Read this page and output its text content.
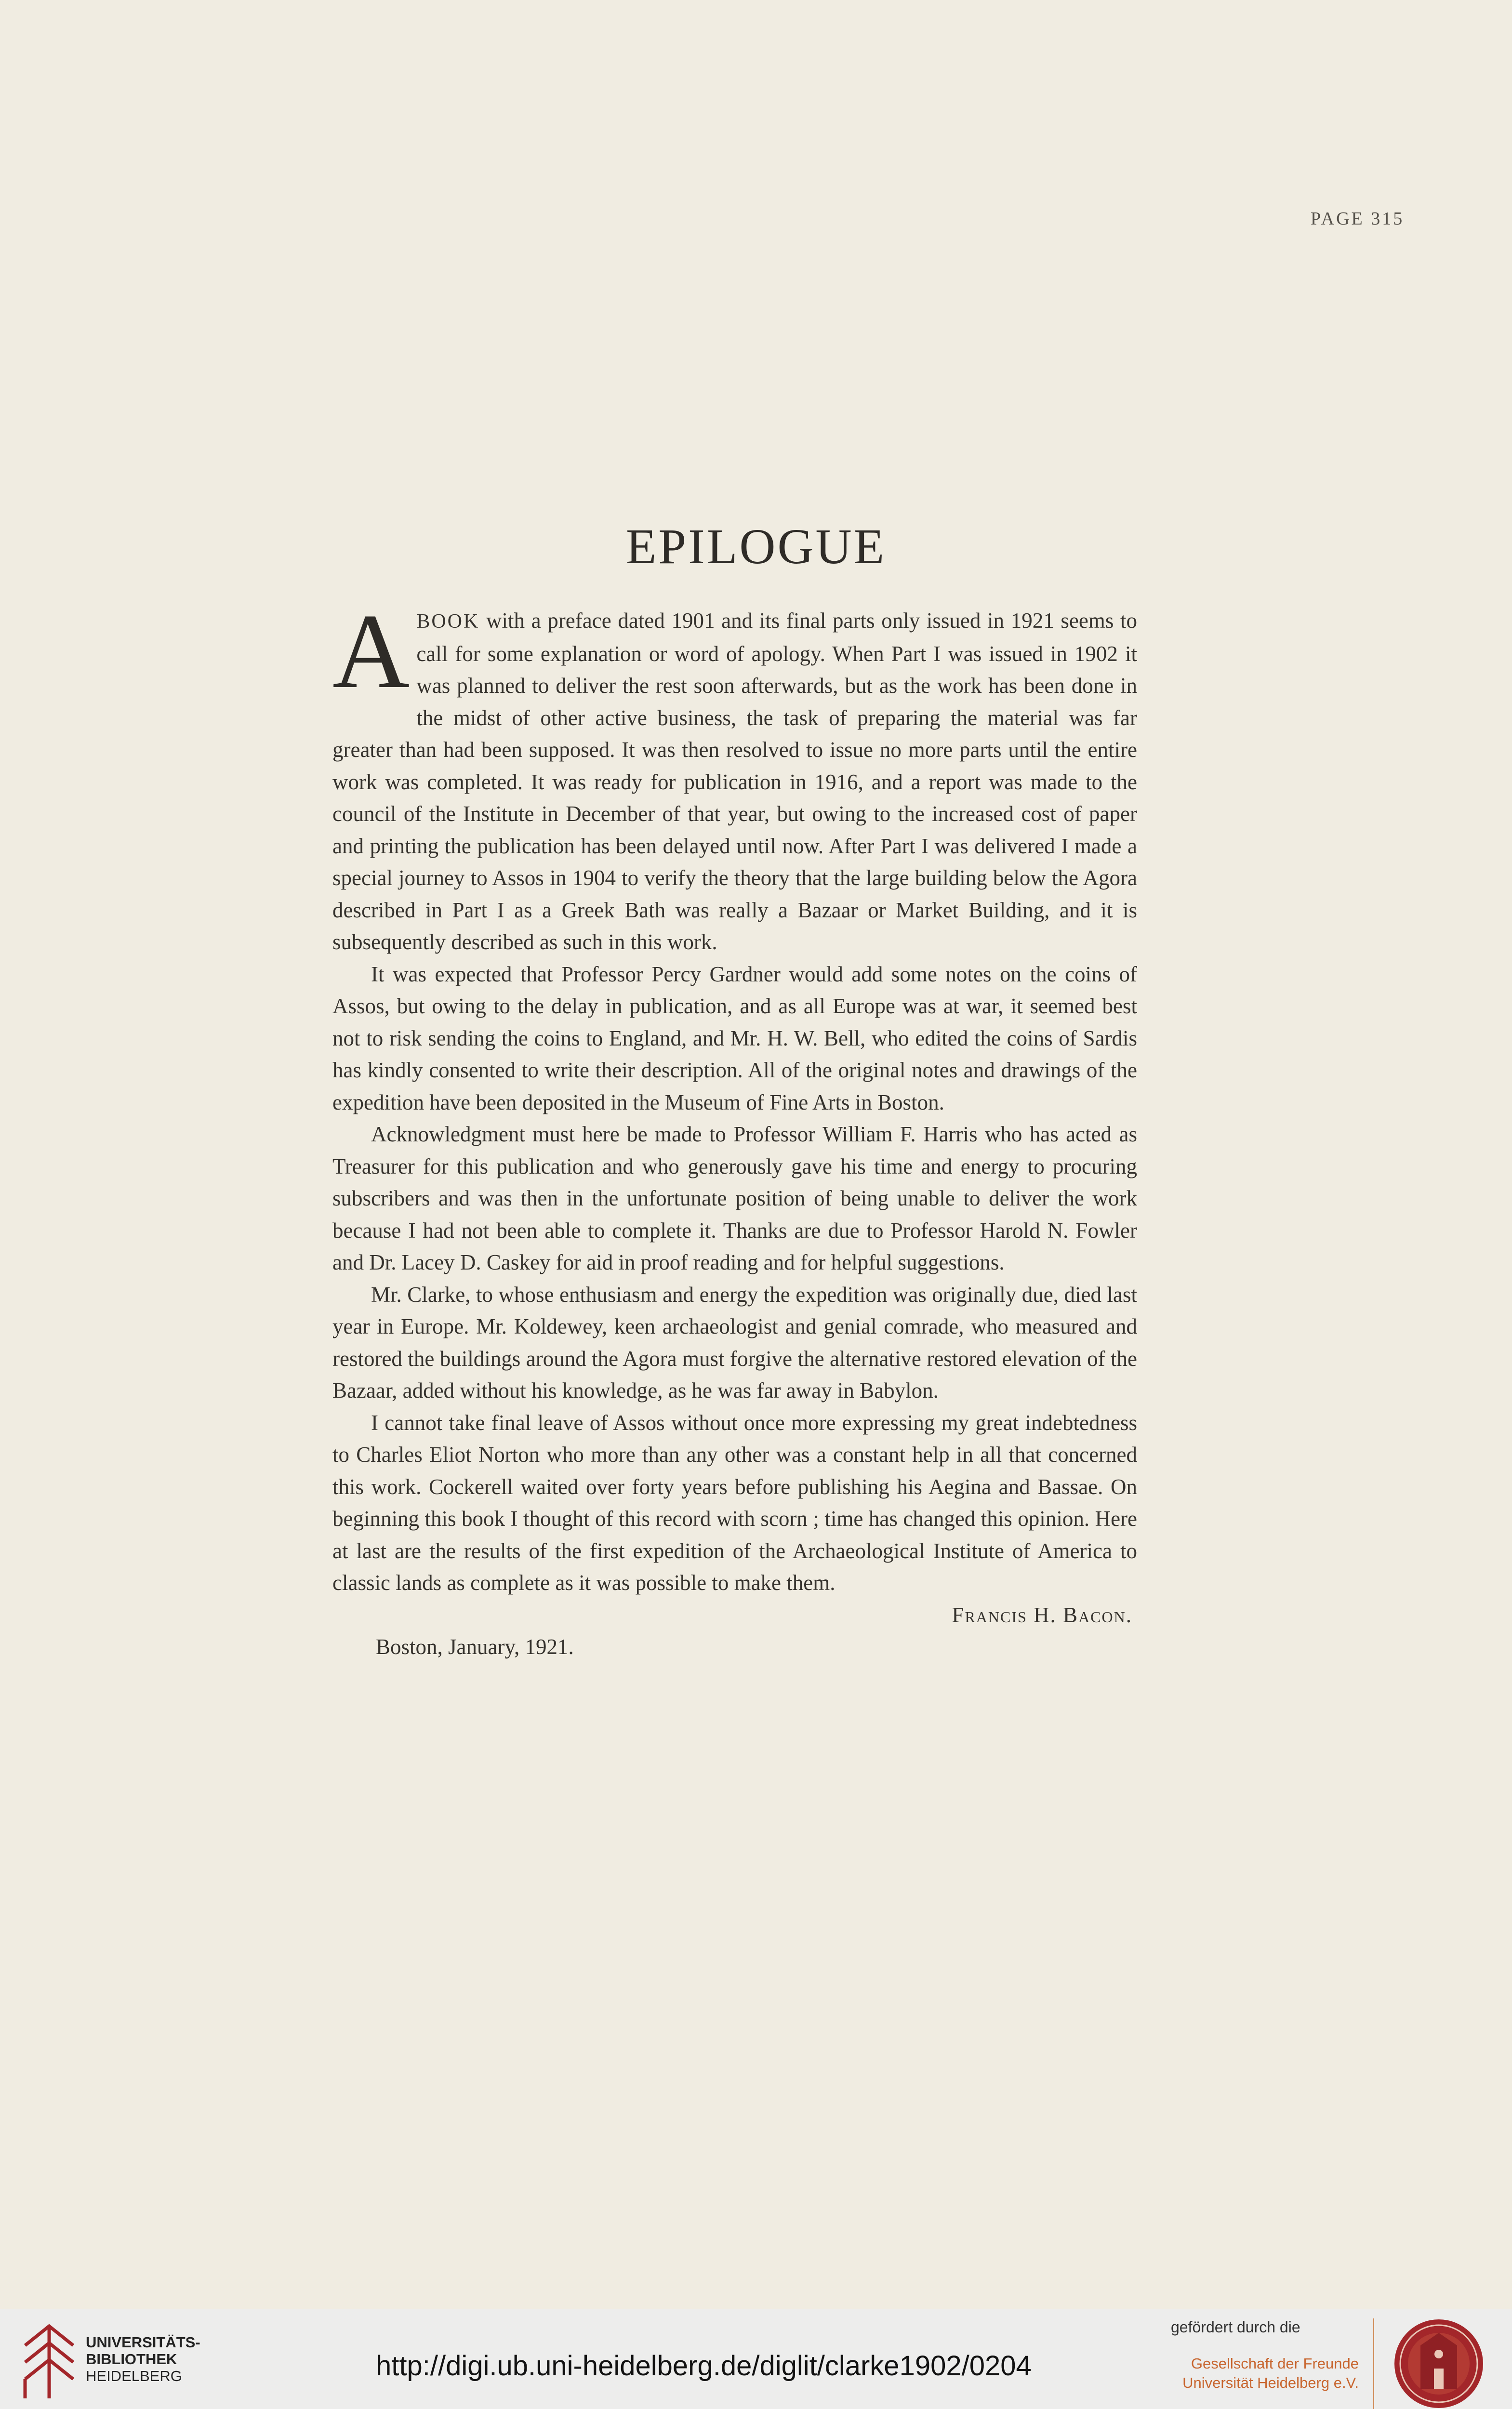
PAGE 315
EPILOGUE

ABOOK with a preface dated 1901 and its final parts only issued in 1921 seems to call for some explanation or word of apology. When Part I was issued in 1902 it was planned to deliver the rest soon afterwards, but as the work has been done in the midst of other active business, the task of preparing the material was far greater than had been supposed. It was then resolved to issue no more parts until the entire work was completed. It was ready for publication in 1916, and a report was made to the council of the Institute in December of that year, but owing to the increased cost of paper and printing the publication has been delayed until now. After Part I was delivered I made a special journey to Assos in 1904 to verify the theory that the large building below the Agora described in Part I as a Greek Bath was really a Bazaar or Market Building, and it is subsequently described as such in this work.

It was expected that Professor Percy Gardner would add some notes on the coins of Assos, but owing to the delay in publication, and as all Europe was at war, it seemed best not to risk sending the coins to England, and Mr. H. W. Bell, who edited the coins of Sardis has kindly consented to write their description. All of the original notes and drawings of the expedition have been deposited in the Museum of Fine Arts in Boston.

Acknowledgment must here be made to Professor William F. Harris who has acted as Treasurer for this publication and who generously gave his time and energy to procuring subscribers and was then in the unfortunate position of being unable to deliver the work because I had not been able to complete it. Thanks are due to Professor Harold N. Fowler and Dr. Lacey D. Caskey for aid in proof reading and for helpful suggestions.

Mr. Clarke, to whose enthusiasm and energy the expedition was originally due, died last year in Europe. Mr. Koldewey, keen archaeologist and genial comrade, who measured and restored the buildings around the Agora must forgive the alternative restored elevation of the Bazaar, added without his knowledge, as he was far away in Babylon.

I cannot take final leave of Assos without once more expressing my great indebtedness to Charles Eliot Norton who more than any other was a constant help in all that concerned this work. Cockerell waited over forty years before publishing his Aegina and Bassae. On beginning this book I thought of this record with scorn ; time has changed this opinion. Here at last are the results of the first expedition of the Archaeological Institute of America to classic lands as complete as it was possible to make them.

Francis H. Bacon.

Boston, January, 1921.

UNIVERSITÄTS-
BIBLIOTHEK
HEIDELBERG	http://digi.ub.uni-heidelberg.de/diglit/clarke1902/0204
gefördert durch die
Gesellschaft der Freunde
Universität Heidelberg e.V.
